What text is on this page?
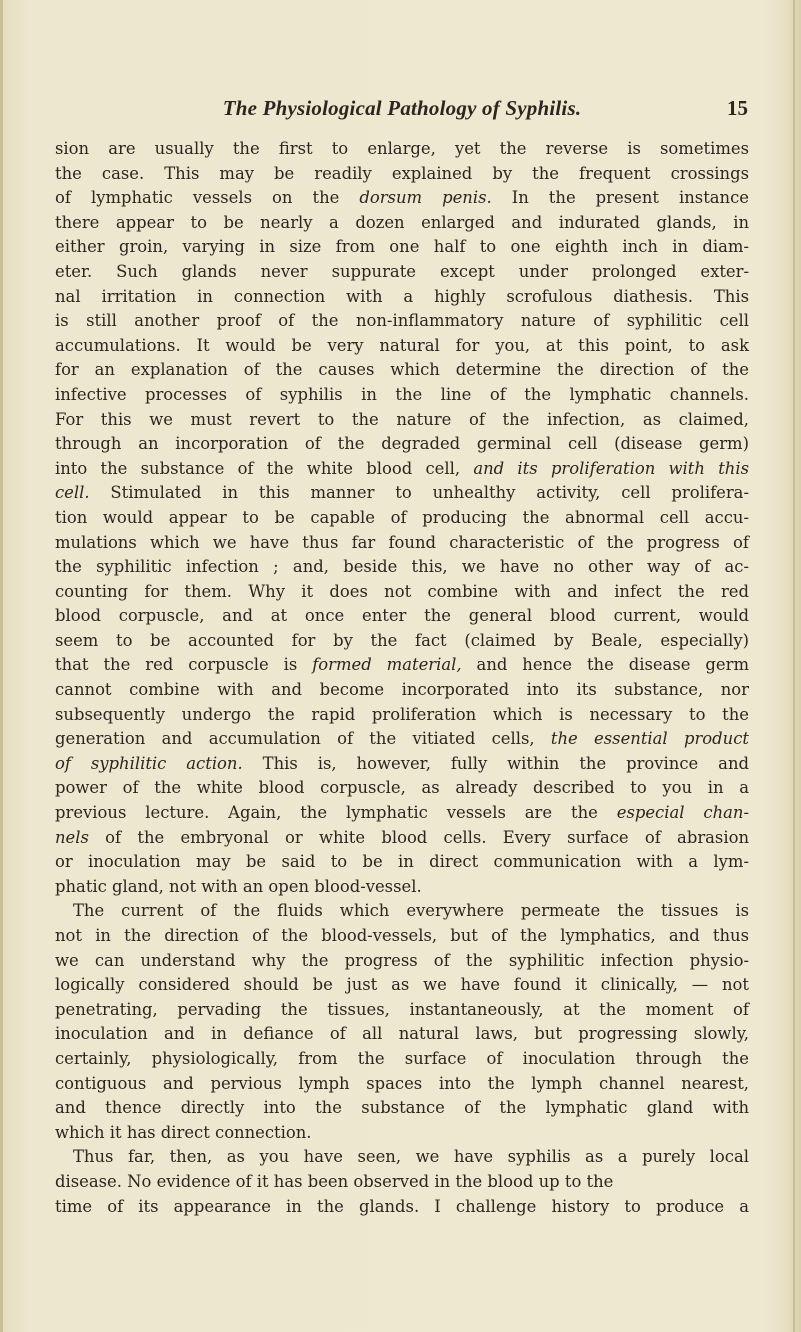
The Physiological Pathology of Syphilis.	15
sion are usually the first to enlarge, yet the reverse is sometimes
the case. This may be readily explained by the frequent crossings
of lymphatic vessels on the dorsum penis. In the present instance
there appear to be nearly a dozen enlarged and indurated glands, in
either groin, varying in size from one half to one eighth inch in diam-
eter. Such glands never suppurate except under prolonged exter-
nal irritation in connection with a highly scrofulous diathesis. This
is still another proof of the non-inflammatory nature of syphilitic cell
accumulations. It would be very natural for you, at this point, to ask
for an explanation of the causes which determine the direction of the
infective processes of syphilis in the line of the lymphatic channels.
For this we must revert to the nature of the infection, as claimed,
through an incorporation of the degraded germinal cell (disease germ)
into the substance of the white blood cell, and its proliferation with this
cell. Stimulated in this manner to unhealthy activity, cell prolifera-
tion would appear to be capable of producing the abnormal cell accu-
mulations which we have thus far found characteristic of the progress of
the syphilitic infection ; and, beside this, we have no other way of ac-
counting for them. Why it does not combine with and infect the red
blood corpuscle, and at once enter the general blood current, would
seem to be accounted for by the fact (claimed by Beale, especially)
that the red corpuscle is formed material, and hence the disease germ
cannot combine with and become incorporated into its substance, nor
subsequently undergo the rapid proliferation which is necessary to the
generation and accumulation of the vitiated cells, the essential product
of syphilitic action. This is, however, fully within the province and
power of the white blood corpuscle, as already described to you in a
previous lecture. Again, the lymphatic vessels are the especial chan-
nels of the embryonal or white blood cells. Every surface of abrasion
or inoculation may be said to be in direct communication with a lym-
phatic gland, not with an open blood-vessel.
The current of the fluids which everywhere permeate the tissues is
not in the direction of the blood-vessels, but of the lymphatics, and thus
we can understand why the progress of the syphilitic infection physio-
logically considered should be just as we have found it clinically, — not
penetrating, pervading the tissues, instantaneously, at the moment of
inoculation and in defiance of all natural laws, but progressing slowly,
certainly, physiologically, from the surface of inoculation through the
contiguous and pervious lymph spaces into the lymph channel nearest,
and thence directly into the substance of the lymphatic gland with
which it has direct connection.
Thus far, then, as you have seen, we have syphilis as a purely local
disease. No evidence of it has been observed in the blood up to the
time of its appearance in the glands. I challenge history to produce a
